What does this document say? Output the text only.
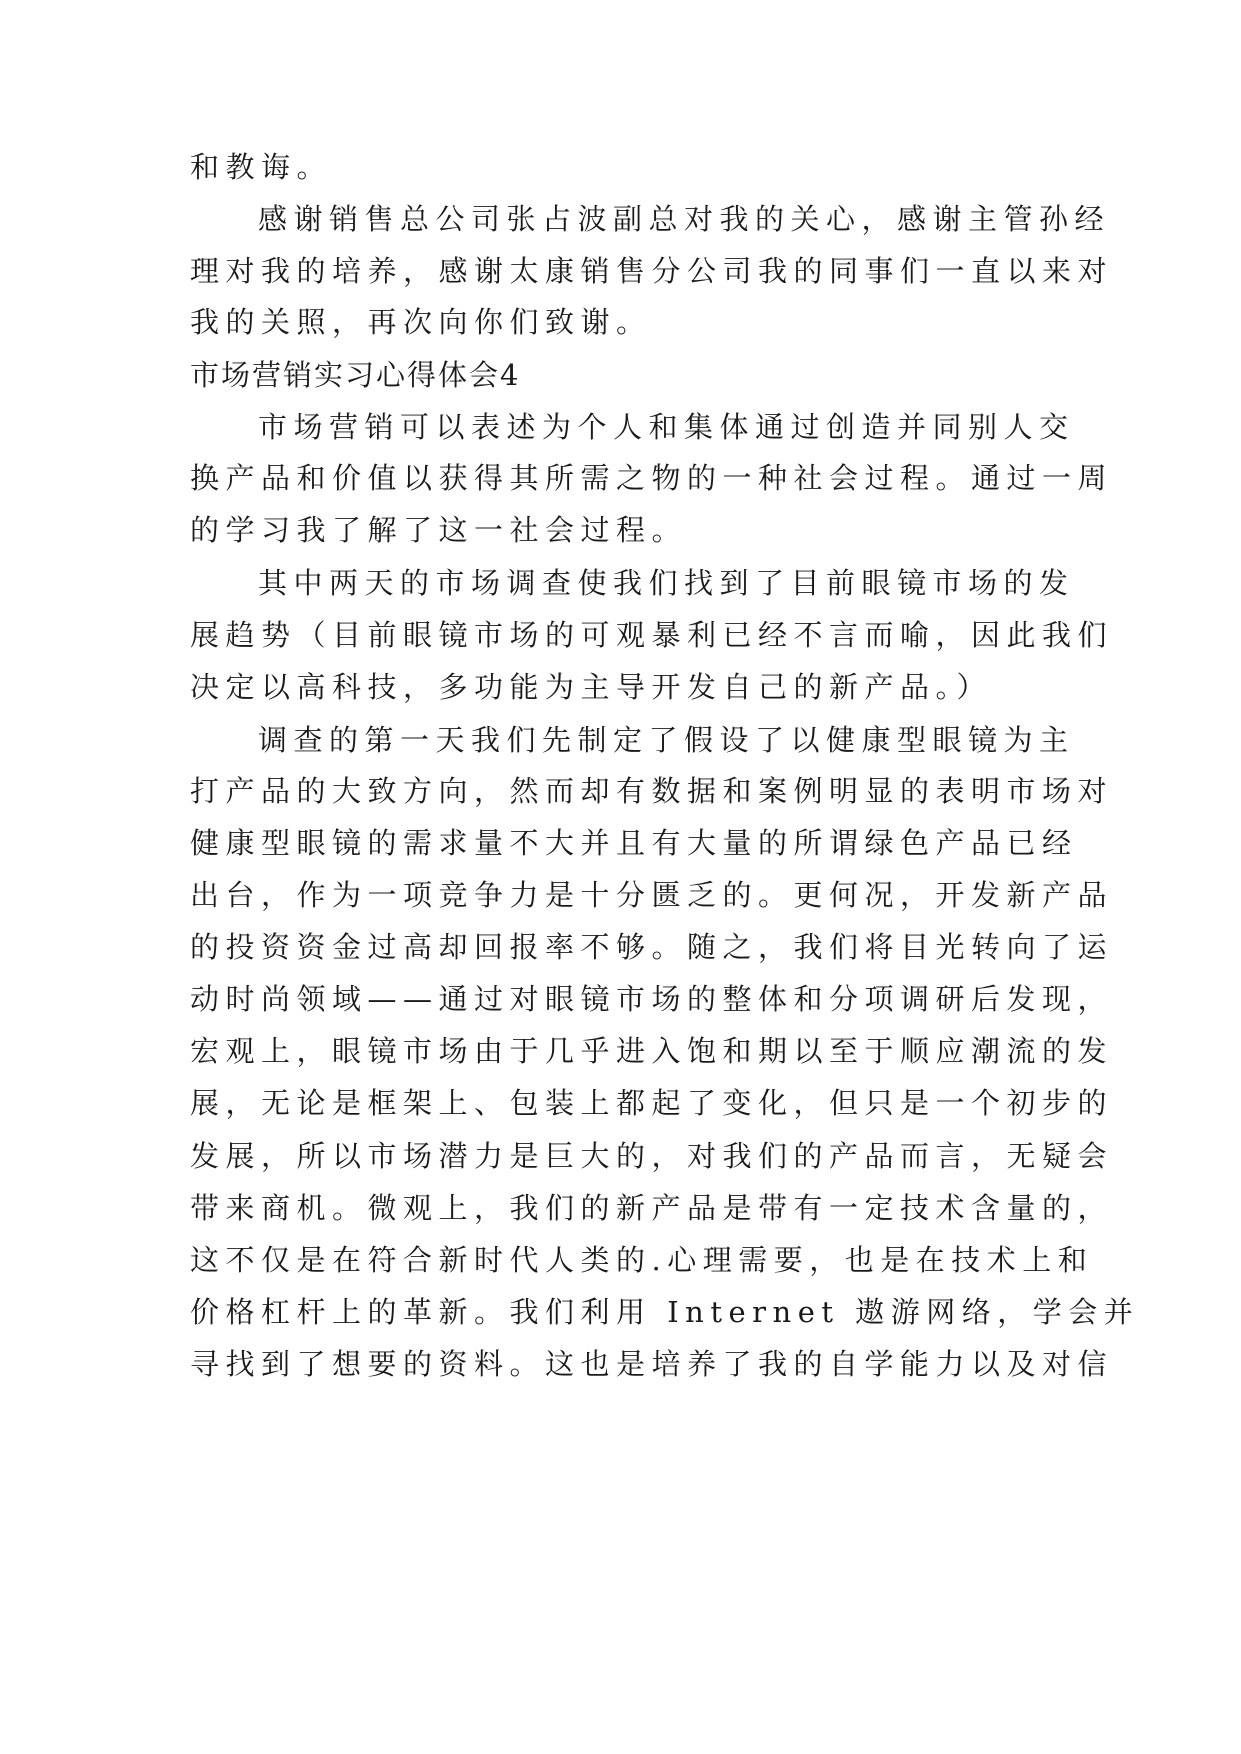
和教诲。
感谢销售总公司张占波副总对我的关心，感谢主管孙经
理对我的培养，感谢太康销售分公司我的同事们一直以来对
我的关照，再次向你们致谢。
市场营销实习心得体会4
市场营销可以表述为个人和集体通过创造并同别人交
换产品和价值以获得其所需之物的一种社会过程。通过一周
的学习我了解了这一社会过程。
其中两天的市场调查使我们找到了目前眼镜市场的发
展趋势（目前眼镜市场的可观暴利已经不言而喻，因此我们
决定以高科技，多功能为主导开发自己的新产品。）
调查的第一天我们先制定了假设了以健康型眼镜为主
打产品的大致方向，然而却有数据和案例明显的表明市场对
健康型眼镜的需求量不大并且有大量的所谓绿色产品已经
出台，作为一项竞争力是十分匮乏的。更何况，开发新产品
的投资资金过高却回报率不够。随之，我们将目光转向了运
动时尚领域——通过对眼镜市场的整体和分项调研后发现，
宏观上，眼镜市场由于几乎进入饱和期以至于顺应潮流的发
展，无论是框架上、包装上都起了变化，但只是一个初步的
发展，所以市场潜力是巨大的，对我们的产品而言，无疑会
带来商机。微观上，我们的新产品是带有一定技术含量的，
这不仅是在符合新时代人类的.心理需要，也是在技术上和
价格杠杆上的革新。我们利用 Internet 遨游网络，学会并
寻找到了想要的资料。这也是培养了我的自学能力以及对信
